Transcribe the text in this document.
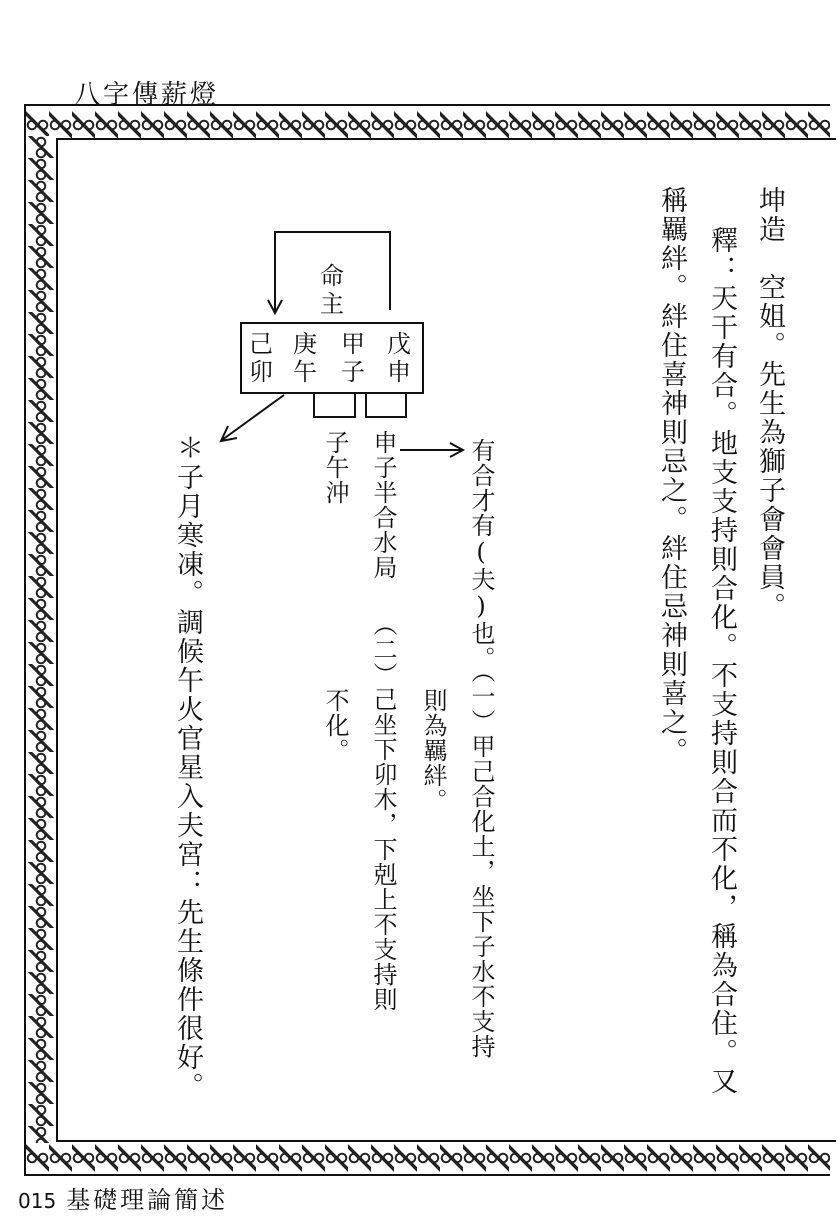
八字傳薪燈
坤造　空姐。先生為獅子會會員。
釋：天干有合。地支支持則合化。不支持則合而不化，稱為合住。又
稱羈絆。絆住喜神則忌之。絆住忌神則喜之。
命主
戊
申
甲
子
庚
午
己
卯
申子半合水局
子午沖	有合才有(夫)也。（一）甲己合化土，坐下子水不支持
則為羈絆。
（二）己坐下卯木，下剋上不支持則
不化。
＊子月寒凍。調候午火官星入夫宮：先生條件很好。
015 基礎理論簡述
